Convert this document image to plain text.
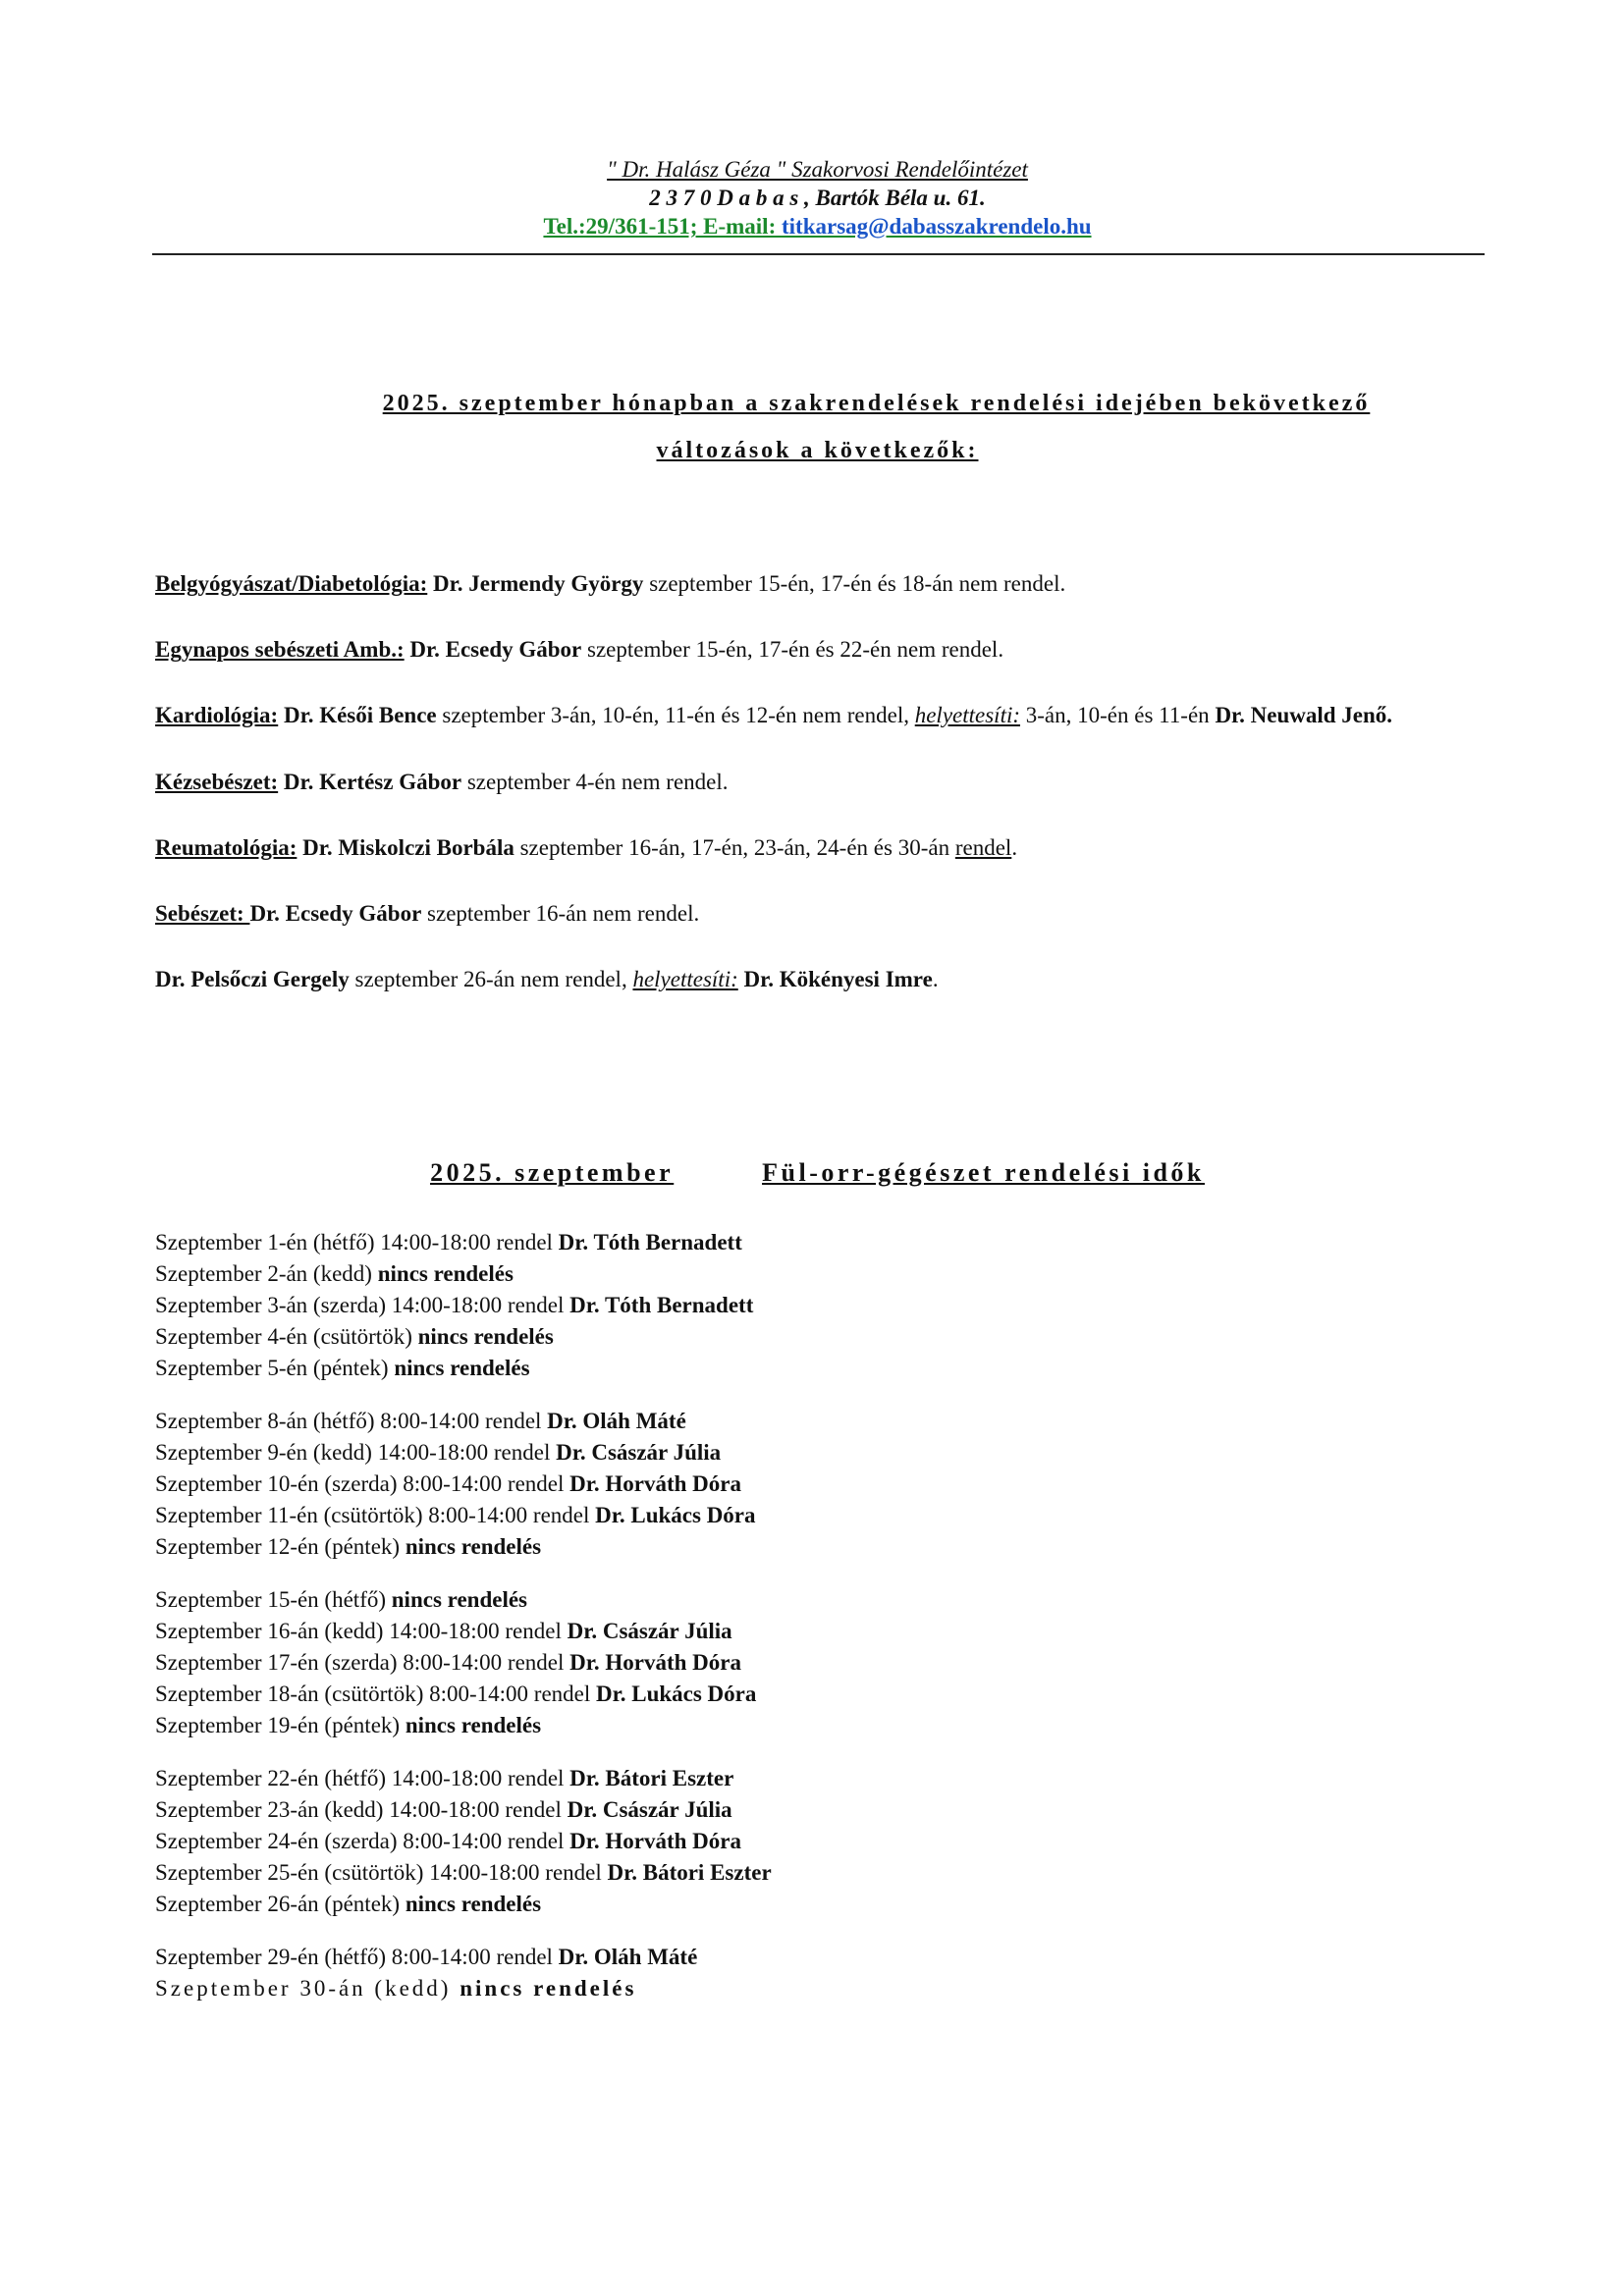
" Dr. Halász Géza " Szakorvosi Rendelőintézet
2 3 7 0 D a b a s , Bartók Béla u. 61.
Tel.:29/361-151; E-mail: titkarsag@dabasszakrendelo.hu
2025. szeptember hónapban a szakrendelések rendelési idejében bekövetkező
változások a következők:

Belgyógyászat/Diabetológia: Dr. Jermendy György szeptember 15-én, 17-én és 18-án nem rendel.

Egynapos sebészeti Amb.: Dr. Ecsedy Gábor szeptember 15-én, 17-én és 22-én nem rendel.

Kardiológia: Dr. Késői Bence szeptember 3-án, 10-én, 11-én és 12-én nem rendel, helyettesíti: 3-án, 10-én és 11-én Dr. Neuwald Jenő.

Kézsebészet: Dr. Kertész Gábor szeptember 4-én nem rendel.

Reumatológia: Dr. Miskolczi Borbála szeptember 16-án, 17-én, 23-án, 24-én és 30-án rendel.

Sebészet: Dr. Ecsedy Gábor szeptember 16-án nem rendel.

Dr. Pelsőczi Gergely szeptember 26-án nem rendel, helyettesíti: Dr. Kökényesi Imre.

2025. szeptember	Fül-orr-gégészet rendelési idők
Szeptember 1-én (hétfő) 14:00-18:00 rendel Dr. Tóth Bernadett
Szeptember 2-án (kedd) nincs rendelés
Szeptember 3-án (szerda) 14:00-18:00 rendel Dr. Tóth Bernadett
Szeptember 4-én (csütörtök) nincs rendelés
Szeptember 5-én (péntek) nincs rendelés
Szeptember 8-án (hétfő) 8:00-14:00 rendel Dr. Oláh Máté
Szeptember 9-én (kedd) 14:00-18:00 rendel Dr. Császár Júlia
Szeptember 10-én (szerda) 8:00-14:00 rendel Dr. Horváth Dóra
Szeptember 11-én (csütörtök) 8:00-14:00 rendel Dr. Lukács Dóra
Szeptember 12-én (péntek) nincs rendelés
Szeptember 15-én (hétfő) nincs rendelés
Szeptember 16-án (kedd) 14:00-18:00 rendel Dr. Császár Júlia
Szeptember 17-én (szerda) 8:00-14:00 rendel Dr. Horváth Dóra
Szeptember 18-án (csütörtök) 8:00-14:00 rendel Dr. Lukács Dóra
Szeptember 19-én (péntek) nincs rendelés
Szeptember 22-én (hétfő) 14:00-18:00 rendel Dr. Bátori Eszter
Szeptember 23-án (kedd) 14:00-18:00 rendel Dr. Császár Júlia
Szeptember 24-én (szerda) 8:00-14:00 rendel Dr. Horváth Dóra
Szeptember 25-én (csütörtök) 14:00-18:00 rendel Dr. Bátori Eszter
Szeptember 26-án (péntek) nincs rendelés
Szeptember 29-én (hétfő) 8:00-14:00 rendel Dr. Oláh Máté
Szeptember 30-án (kedd) nincs rendelés
